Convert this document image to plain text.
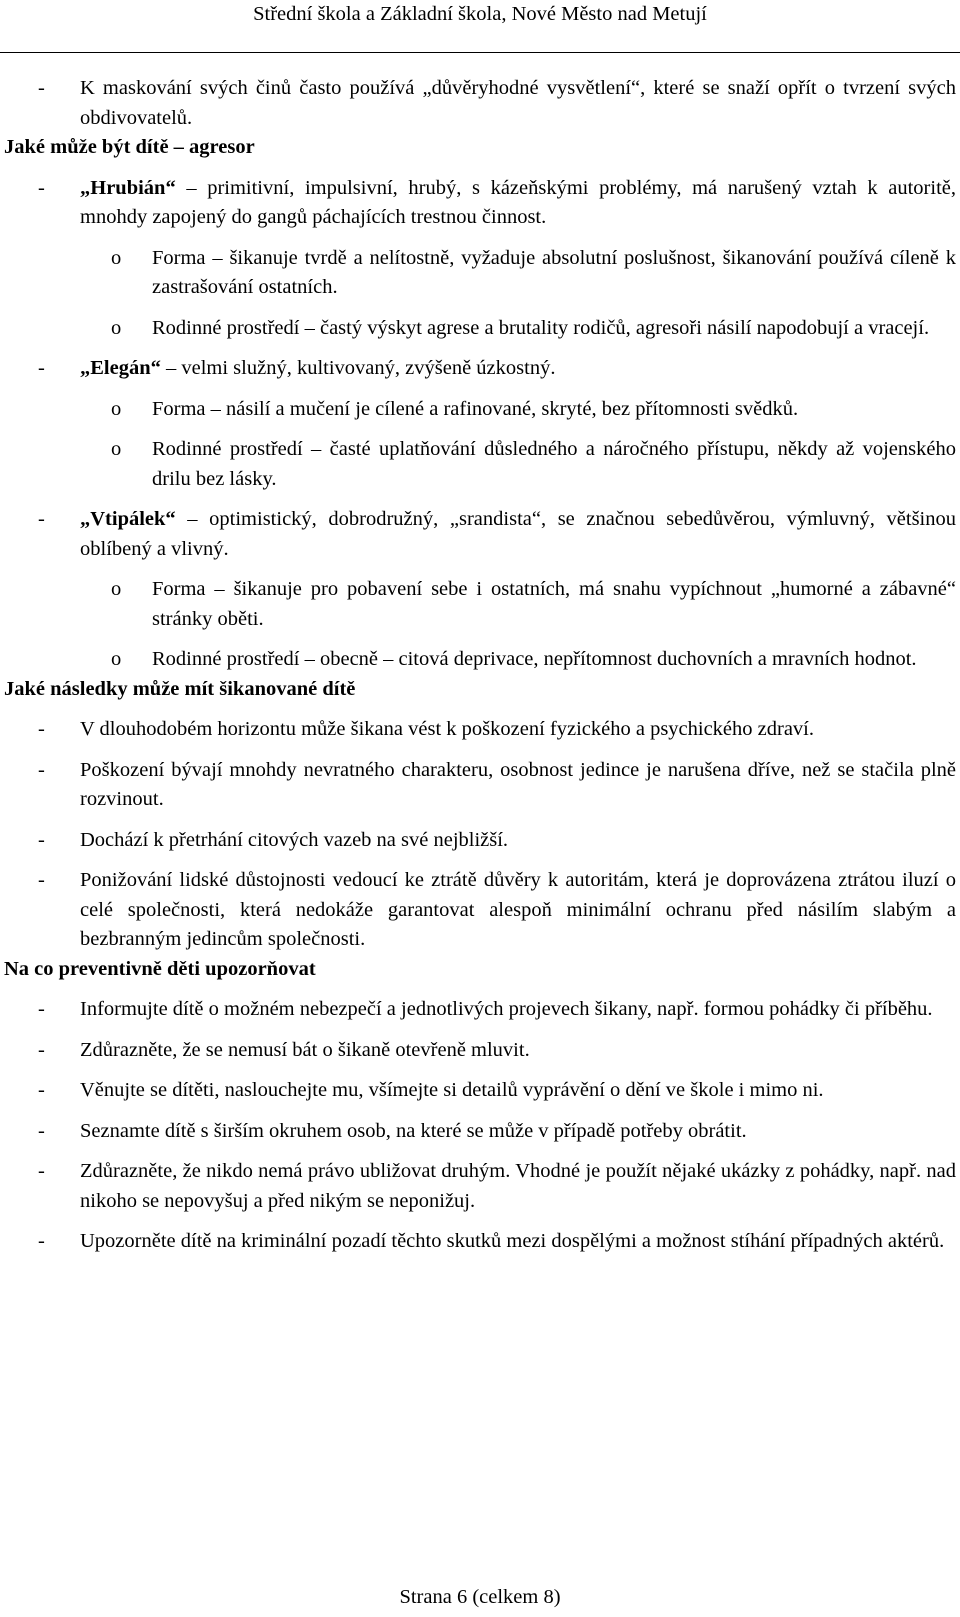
Střední škola a Základní škola, Nové Město nad Metují

- K maskování svých činů často používá „důvěryhodné vysvětlení“, které se snaží opřít o tvrzení svých obdivovatelů.

Jaké může být dítě – agresor

- „Hrubián“ – primitivní, impulsivní, hrubý, s kázeňskými problémy, má narušený vztah k autoritě, mnohdy zapojený do gangů páchajících trestnou činnost.

o Forma – šikanuje tvrdě a nelítostně, vyžaduje absolutní poslušnost, šikanování používá cíleně k zastrašování ostatních.

o Rodinné prostředí – častý výskyt agrese a brutality rodičů, agresoři násilí napodobují a vracejí.

- „Elegán“ – velmi služný, kultivovaný, zvýšeně úzkostný.

o Forma – násilí a mučení je cílené a rafinované, skryté, bez přítomnosti svědků.

o Rodinné prostředí – časté uplatňování důsledného a náročného přístupu, někdy až vojenského drilu bez lásky.

- „Vtipálek“ – optimistický, dobrodružný, „srandista“, se značnou sebedůvěrou, výmluvný, většinou oblíbený a vlivný.

o Forma – šikanuje pro pobavení sebe i ostatních, má snahu vypíchnout „humorné a zábavné“ stránky oběti.

o Rodinné prostředí – obecně – citová deprivace, nepřítomnost duchovních a mravních hodnot.

Jaké následky může mít šikanované dítě

- V dlouhodobém horizontu může šikana vést k poškození fyzického a psychického zdraví.

- Poškození bývají mnohdy nevratného charakteru, osobnost jedince je narušena dříve, než se stačila plně rozvinout.

- Dochází k přetrhání citových vazeb na své nejbližší.

- Ponižování lidské důstojnosti vedoucí ke ztrátě důvěry k autoritám, která je doprovázena ztrátou iluzí o celé společnosti, která nedokáže garantovat alespoň minimální ochranu před násilím slabým a bezbranným jedincům společnosti.

Na co preventivně děti upozorňovat

- Informujte dítě o možném nebezpečí a jednotlivých projevech šikany, např. formou pohádky či příběhu.

- Zdůrazněte, že se nemusí bát o šikaně otevřeně mluvit.

- Věnujte se dítěti, naslouchejte mu, všímejte si detailů vyprávění o dění ve škole i mimo ni.

- Seznamte dítě s širším okruhem osob, na které se může v případě potřeby obrátit.

- Zdůrazněte, že nikdo nemá právo ubližovat druhým. Vhodné je použít nějaké ukázky z pohádky, např. nad nikoho se nepovyšuj a před nikým se neponižuj.

- Upozorněte dítě na kriminální pozadí těchto skutků mezi dospělými a možnost stíhání případných aktérů.

Strana 6 (celkem 8)
